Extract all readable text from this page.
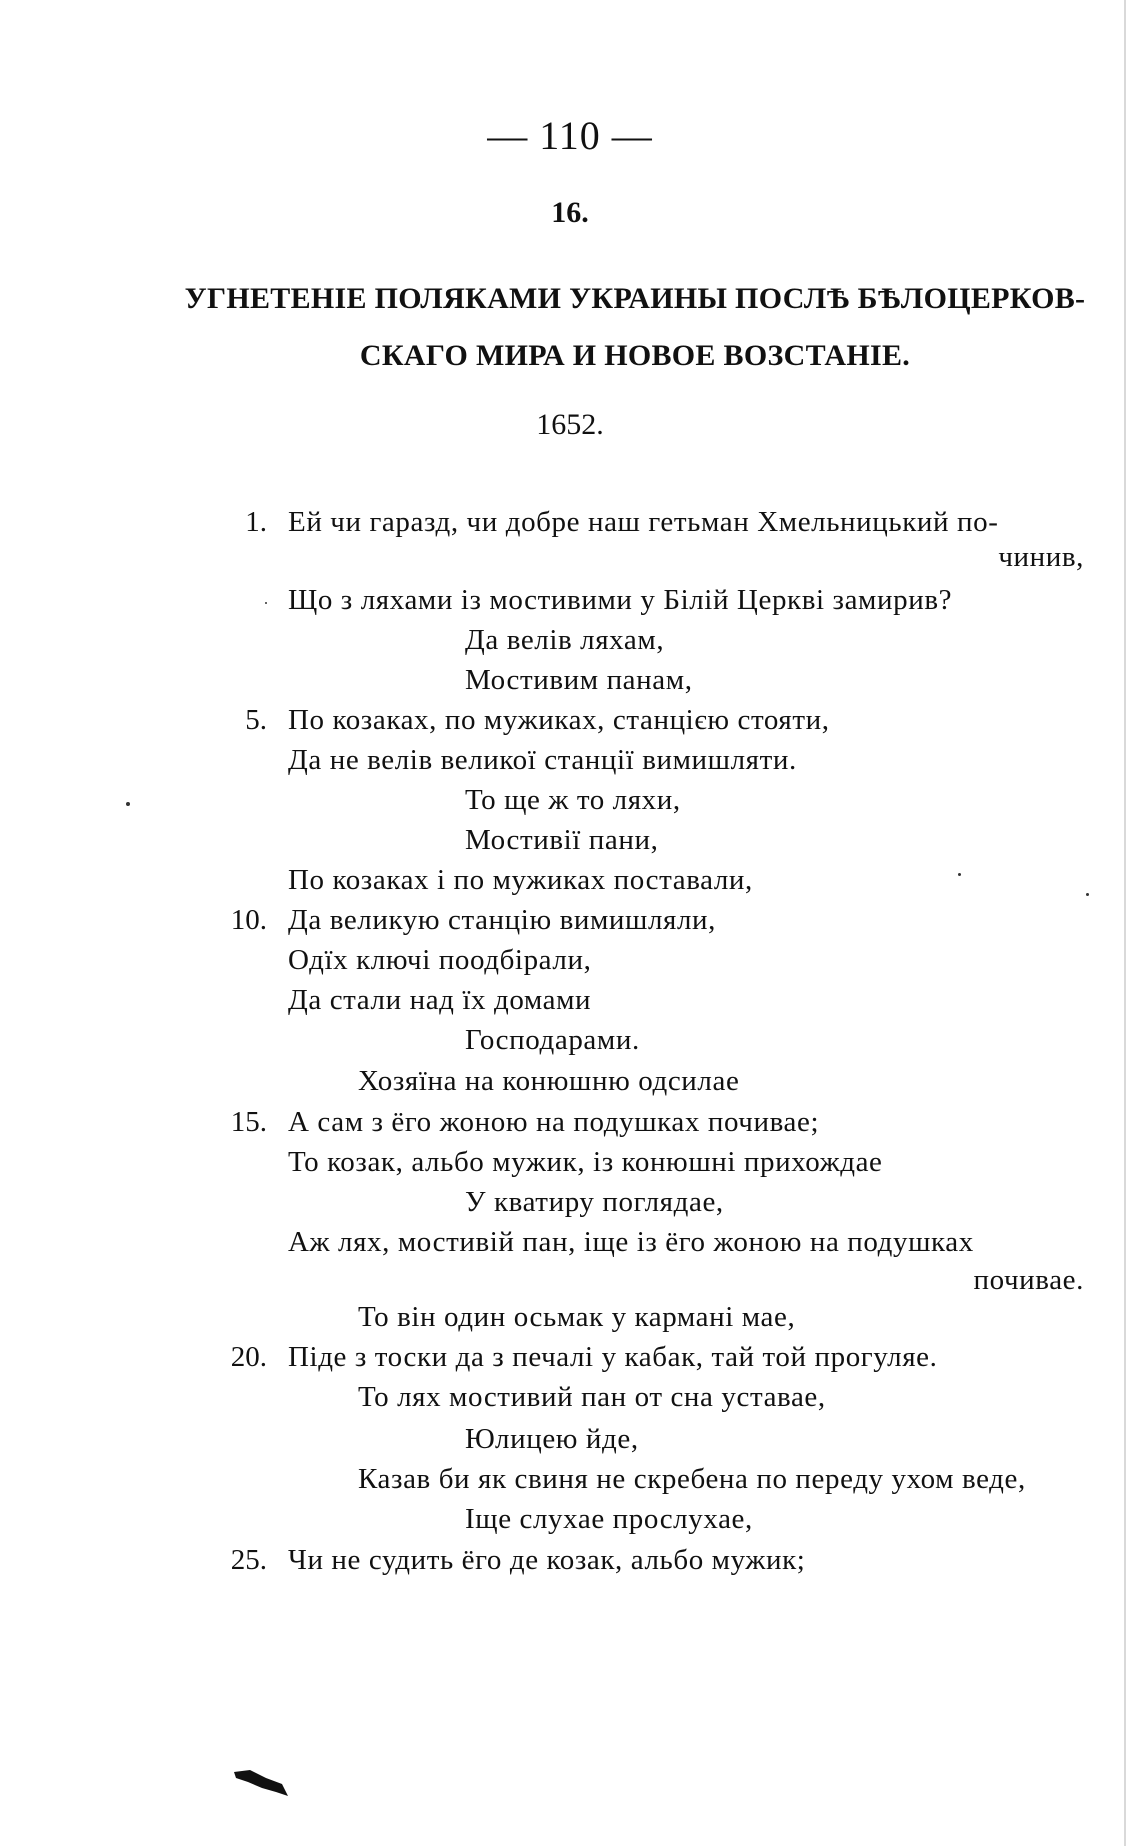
— 110 —
16.
УГНЕТЕНІЕ ПОЛЯКАМИ УКРАИНЫ ПОСЛѢ БѢЛОЦЕРКОВ-
СКАГО МИРА И НОВОЕ ВОЗСТАНІЕ.
1652.
1.
5.
10.
15.
20.
25.
Ей чи гаразд, чи добре наш гетьман Хмельницький по-
чинив,
Що з ляхами із мостивими у Білій Церкві замирив?
Да велів ляхам,
Мостивим панам,
По козаках, по мужиках, станцією стояти,
Да не велів великої станції вимишляти.
То ще ж то ляхи,
Мостивії пани,
По козаках і по мужиках поставали,
Да великую станцію вимишляли,
Одїх ключі поодбірали,
Да стали над їх домами
Господарами.
Хозяїна на конюшню одсилае
А сам з ёго жоною на подушках почивае;
То козак, альбо мужик, із конюшні прихождае
У кватиру поглядае,
Аж лях, мостивій пан, іще із ёго жоною на подушках
почивае.
То він один осьмак у кармані мае,
Піде з тоски да з печалі у кабак, тай той прогуляе.
То лях мостивий пан от сна уставае,
Юлицею йде,
Казав би як свиня не скребена по переду ухом веде,
Іще слухае прослухае,
Чи не судить ёго де козак, альбо мужик;
